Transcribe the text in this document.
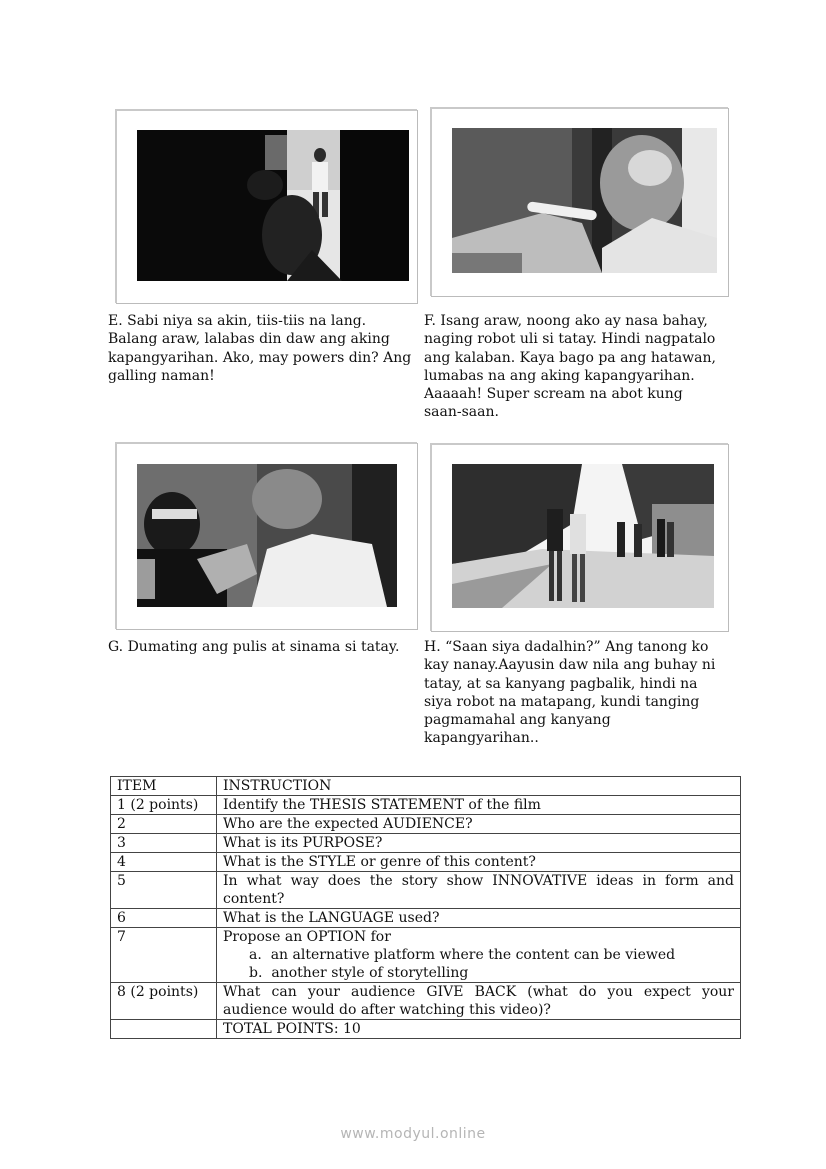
E. Sabi niya sa akin, tiis-tiis na lang. Balang araw, lalabas din daw ang aking kapangyarihan. Ako, may powers din? Ang galling naman!
F. Isang araw, noong ako ay nasa bahay, naging robot uli si tatay. Hindi nagpatalo ang kalaban. Kaya bago pa ang hatawan, lumabas na ang aking kapangyarihan. Aaaaah! Super scream na abot kung saan-saan.
G. Dumating ang pulis at sinama si tatay.	H. “Saan siya dadalhin?” Ang tanong ko kay nanay.Aayusin daw nila ang buhay ni tatay, at sa kanyang pagbalik, hindi na siya robot na matapang, kundi tanging pagmamahal ang kanyang kapangyarihan..
ITEM	INSTRUCTION
1 (2 points)	Identify the THESIS STATEMENT of the film
2	Who are the expected AUDIENCE?
3	What is its PURPOSE?
4	What is the STYLE or genre of this content?
5	In what way does the story show INNOVATIVE ideas in form and content?
6	What is the LANGUAGE used?
7	Propose an OPTION for
a. an alternative platform where the content can be viewed
b. another style of storytelling

8 (2 points)	What can your audience GIVE BACK (what do you expect your audience would do after watching this video)?
	TOTAL POINTS: 10
www.modyul.online
